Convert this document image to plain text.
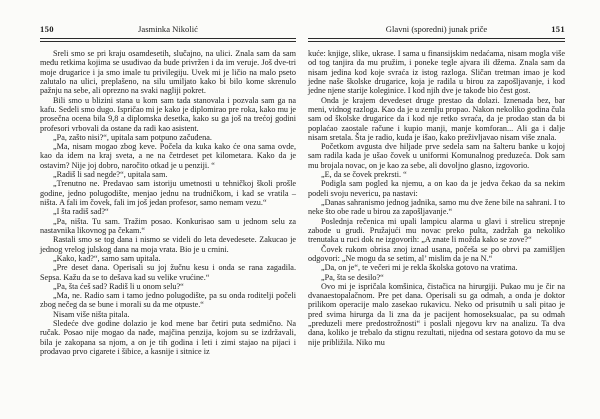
150	Jasminka Nikolić

Sreli smo se pri kraju osamdesetih, slučajno, na ulici. Znala sam da sam među retkima kojima se usuđivao da bude privržen i da im veruje. Još dve-tri moje drugarice i ja smo imale tu privilegiju. Uvek mi je ličio na malo pseto zalutalo na ulici, preplašeno, na silu umiljato kako bi bilo kome skrenulo pažnju na sebe, ali oprezno na svaki nagliji pokret.

Bili smo u blizini stana u kom sam tada stanovala i pozvala sam ga na kafu. Sedeli smo dugo. Ispričao mi je kako je diplomirao pre roka, kako mu je prosečna ocena bila 9,8 a diplomska desetka, kako su ga još na trećoj godini profesori vrbovali da ostane da radi kao asistent.

„Pa, zašto nisi?“, upitala sam potpuno začuđena.

„Ma, nisam mogao zbog keve. Počela da kuka kako će ona sama ovde, kao da idem na kraj sveta, a ne na četrdeset pet kilometara. Kako da je ostavim? Nije joj dobro, naročito otkad je u penziji. “

„Radiš li sad negde?“, upitala sam.

„Trenutno ne. Predavao sam istoriju umetnosti u tehničkoj školi prošle godine, jedno polugodište, menjao jednu na trudničkom, i kad se vratila – ništa. A fali im čovek, fali im još jedan profesor, samo nemam vezu.“

„I šta radiš sad?“

„Pa, ništa. Tu sam. Tražim posao. Konkurisao sam u jednom selu za nastavnika likovnog pa čekam.“

Rastali smo se tog dana i nismo se videli do leta devedesete. Zakucao je jednog vrelog julskog dana na moja vrata. Bio je u crnini.

„Kako, kad?“, samo sam upitala.

„Pre deset dana. Operisali su joj žučnu kesu i onda se rana zagadila. Sepsa. Kažu da se to dešava kad su velike vrućine.“

„Pa, šta ćeš sad? Radiš li u onom selu?“

„Ma, ne. Radio sam i tamo jedno polugodište, pa su onda roditelji počeli zbog nečeg da se bune i morali su da me otpuste.“

Nisam više ništa pitala.

Sledeće dve godine dolazio je kod mene bar četiri puta sedmično. Na ručak. Posao nije mogao da nađe, majčina penzija, kojom su se izdržavali, bila je zakopana sa njom, a on je tih godina i leti i zimi stajao na pijaci i prodavao prvo cigarete i šibice, a kasnije i sitnice iz

Glavni (sporedni) junak priče	151

kuće: knjige, slike, ukrase. I sama u finansijskim nedaćama, nisam mogla više od tog tanjira da mu pružim, i poneke tegle ajvara ili džema. Znala sam da nisam jedina kod koje svraća iz istog razloga. Sličan tretman imao je kod jedne naše školske drugarice, koja je radila u birou za zapošljavanje, i kod jedne njene starije koleginice. I kod njih dve je takođe bio čest gost.

Onda je krajem devedeset druge prestao da dolazi. Iznenada bez, bar meni, vidnog razloga. Kao da je u zemlju propao. Nakon nekoliko godina čula sam od školske drugarice da i kod nje retko svraća, da je prodao stan da bi poplaćao zaostale račune i kupio manji, manje komforan... Ali ga i dalje nisam sretala. Šta je radio, kuda je išao, kako preživljavao nisam više znala.

Početkom avgusta dve hiljade prve sedela sam na šalteru banke u kojoj sam radila kada je ušao čovek u uniformi Komunalnog preduzeća. Dok sam mu brojala novac, on je kao za sebe, ali dovoljno glasno, izgovorio.

„E, da se čovek prekrsti. “

Podigla sam pogled ka njemu, a on kao da je jedva čekao da sa nekim podeli svoju nevericu, pa nastavi:

„Danas sahranismo jednog jadnika, samo mu dve žene bile na sahrani. I to neke što obe rade u birou za zapošljavanje.“

Poslednja rečenica mi upali lampicu alarma u glavi i strelicu strepnje zabode u grudi. Pružajući mu novac preko pulta, zadržah ga nekoliko trenutaka u ruci dok ne izgovorih: „A znate li možda kako se zove?“

Čovek rukom obrisa znoj iznad usana, počeša se po obrvi pa zamišljen odgovori: „Ne mogu da se setim, al’ mislim da je na N.“

„Da, on je“, te večeri mi je rekla školska gotovo na vratima.

„Pa, šta se desilo?“

Ovo mi je ispričala komšinica, čistačica na hirurgiji. Pukao mu je čir na dvanaestopalačnom. Pre pet dana. Operisali su ga odmah, a onda je doktor prilikom operacije malo zasekao rukavicu. Neko od prisutnih u sali pitao je pred svima hirurga da li zna da je pacijent homoseksualac, pa su odmah „preduzeli mere predostrožnosti“ i poslali njegovu krv na analizu. Ta dva dana, koliko je trebalo da stignu rezultati, nijedna od sestara gotovo da mu se nije približila. Niko mu
